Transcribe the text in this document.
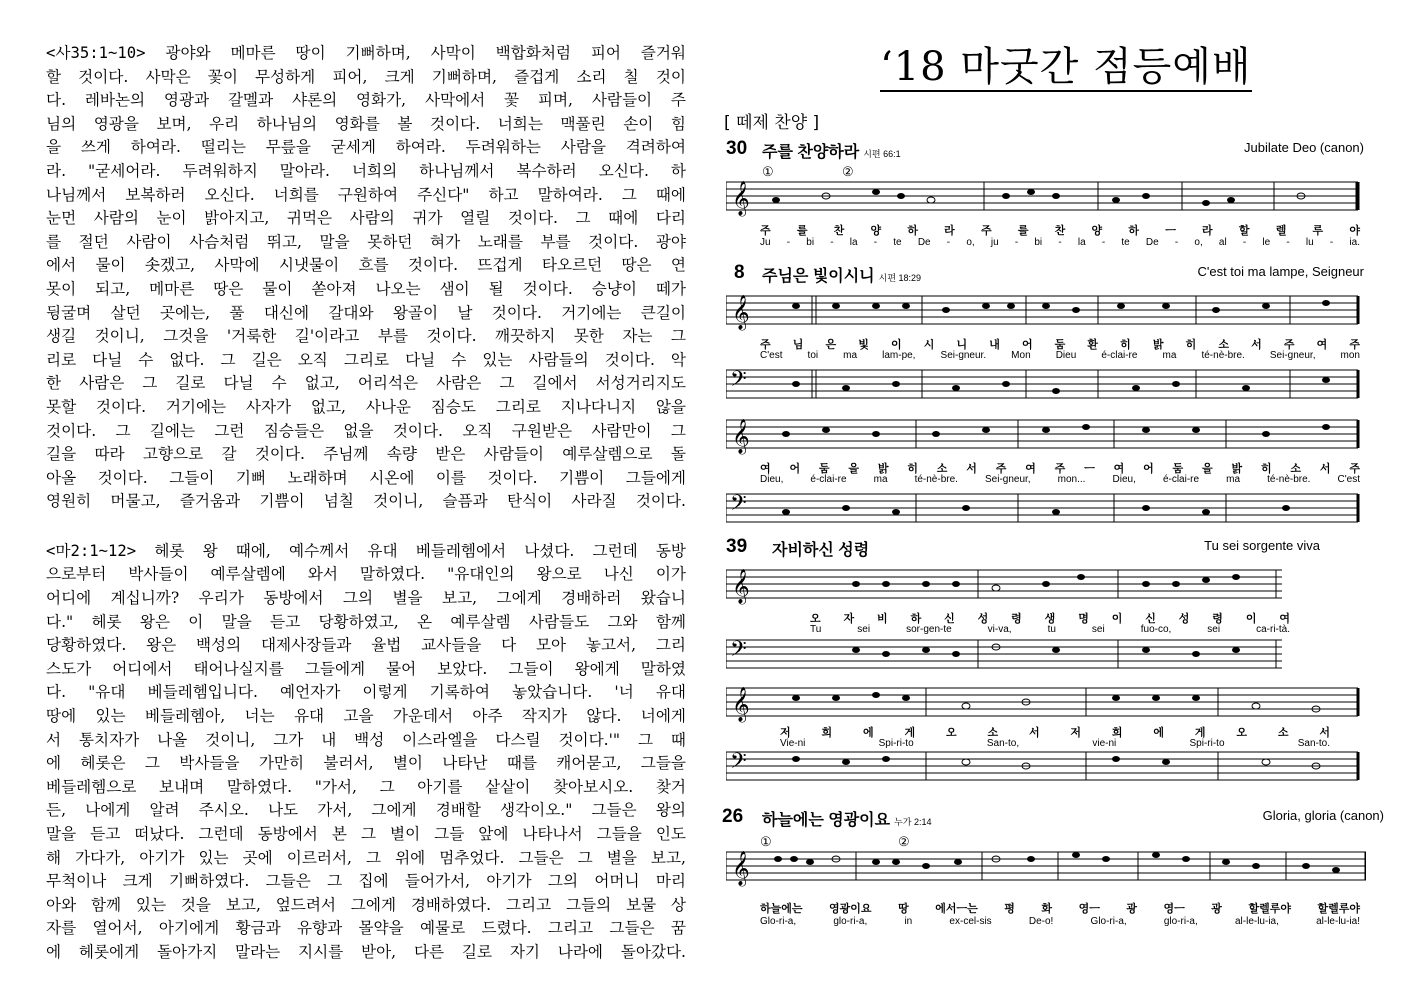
<사35:1~10> 광야와 메마른 땅이 기뻐하며, 사막이 백합화처럼 피어 즐거워

할 것이다. 사막은 꽃이 무성하게 피어, 크게 기뻐하며, 즐겁게 소리 칠 것이

다. 레바논의 영광과 갈멜과 샤론의 영화가, 사막에서 꽃 피며, 사람들이 주

님의 영광을 보며, 우리 하나님의 영화를 볼 것이다. 너희는 맥풀린 손이 힘

을 쓰게 하여라. 떨리는 무릎을 굳세게 하여라. 두려워하는 사람을 격려하여

라. "굳세어라. 두려워하지 말아라. 너희의 하나님께서 복수하러 오신다. 하

나님께서 보복하러 오신다. 너희를 구원하여 주신다" 하고 말하여라. 그 때에

눈먼 사람의 눈이 밝아지고, 귀먹은 사람의 귀가 열릴 것이다. 그 때에 다리

를 절던 사람이 사슴처럼 뛰고, 말을 못하던 혀가 노래를 부를 것이다. 광야

에서 물이 솟겠고, 사막에 시냇물이 흐를 것이다. 뜨겁게 타오르던 땅은 연

못이 되고, 메마른 땅은 물이 쏟아져 나오는 샘이 될 것이다. 승냥이 떼가

뒹굴며 살던 곳에는, 풀 대신에 갈대와 왕골이 날 것이다. 거기에는 큰길이

생길 것이니, 그것을 '거룩한 길'이라고 부를 것이다. 깨끗하지 못한 자는 그

리로 다닐 수 없다. 그 길은 오직 그리로 다닐 수 있는 사람들의 것이다. 악

한 사람은 그 길로 다닐 수 없고, 어리석은 사람은 그 길에서 서성거리지도

못할 것이다. 거기에는 사자가 없고, 사나운 짐승도 그리로 지나다니지 않을

것이다. 그 길에는 그런 짐승들은 없을 것이다. 오직 구원받은 사람만이 그

길을 따라 고향으로 갈 것이다. 주님께 속량 받은 사람들이 예루살렘으로 돌

아올 것이다. 그들이 기뻐 노래하며 시온에 이를 것이다. 기쁨이 그들에게

영원히 머물고, 즐거움과 기쁨이 넘칠 것이니, 슬픔과 탄식이 사라질 것이다.

<마2:1~12> 헤롯 왕 때에, 예수께서 유대 베들레헴에서 나셨다. 그런데 동방

으로부터 박사들이 예루살렘에 와서 말하였다. "유대인의 왕으로 나신 이가

어디에 계십니까? 우리가 동방에서 그의 별을 보고, 그에게 경배하러 왔습니

다." 헤롯 왕은 이 말을 듣고 당황하였고, 온 예루살렘 사람들도 그와 함께

당황하였다. 왕은 백성의 대제사장들과 율법 교사들을 다 모아 놓고서, 그리

스도가 어디에서 태어나실지를 그들에게 물어 보았다. 그들이 왕에게 말하였

다. "유대 베들레헴입니다. 예언자가 이렇게 기록하여 놓았습니다. '너 유대

땅에 있는 베들레헴아, 너는 유대 고을 가운데서 아주 작지가 않다. 너에게

서 통치자가 나올 것이니, 그가 내 백성 이스라엘을 다스릴 것이다.'" 그 때

에 헤롯은 그 박사들을 가만히 불러서, 별이 나타난 때를 캐어묻고, 그들을

베들레헴으로 보내며 말하였다. "가서, 그 아기를 샅샅이 찾아보시오. 찾거

든, 나에게 알려 주시오. 나도 가서, 그에게 경배할 생각이오." 그들은 왕의

말을 듣고 떠났다. 그런데 동방에서 본 그 별이 그들 앞에 나타나서 그들을 인도

해 가다가, 아기가 있는 곳에 이르러서, 그 위에 멈추었다. 그들은 그 별을 보고,

무척이나 크게 기뻐하였다. 그들은 그 집에 들어가서, 아기가 그의 어머니 마리

아와 함께 있는 것을 보고, 엎드려서 그에게 경배하였다. 그리고 그들의 보물 상

자를 열어서, 아기에게 황금과 유향과 몰약을 예물로 드렸다. 그리고 그들은 꿈

에 헤롯에게 돌아가지 말라는 지시를 받아, 다른 길로 자기 나라에 돌아갔다.

‘18 마굿간 점등예배
[ 떼제 찬양 ]
30 주를 찬양하라 시편 66:1	Jubilate Deo (canon)
①	②
𝄞
주 를 찬 양 하 라 주 를 찬 양 하 ㅡ 라 할 렐 루 야
Ju - bi - la - te De - o, ju - bi - la - te De - o, al - le - lu - ia.
8 주님은 빛이시니 시편 18:29	C'est toi ma lampe, Seigneur
𝄞
주 님 은 빛 이 시 니 내 어 둠 환 히 밝 히 소 서 주 여 주
C'est toi ma lam-pe, Sei-gneur. Mon Dieu é-clai-re ma té-nè-bre. Sei-gneur, mon
𝄢
𝄞
여 어 둠 을 밝 히 소 서 주 여 주 ㅡ 여 어 둠 을 밝 히 소 서 주
Dieu, é-clai-re ma té-nè-bre. Sei-gneur, mon... Dieu, é-clai-re ma té-nè-bre. C'est
𝄢
39 자비하신 성령	Tu sei sorgente viva
𝄞
오 자 비 하 신 성 령 생 명 이 신 성 령 이 여
Tu sei sor-gen-te vi-va, tu sei fuo-co, sei ca-ri-tà.
𝄢
𝄞
저 희 에 게 오 소 서 저 희 에 게 오 소 서
Vie-ni Spi-ri-to San-to, vie-ni Spi-ri-to San-to.
𝄢
26 하늘에는 영광이요 누가 2:14	Gloria, gloria (canon)
①	②
𝄞
하늘에는 영광이요 땅 에서ㅡ는 평 화 영ㅡ 광 영ㅡ 광 할렐루야 할렐루야
Glo-ri-a, glo-ri-a, in ex-cel-sis De-o! Glo-ri-a, glo-ri-a, al-le-lu-ia, al-le-lu-ia!
